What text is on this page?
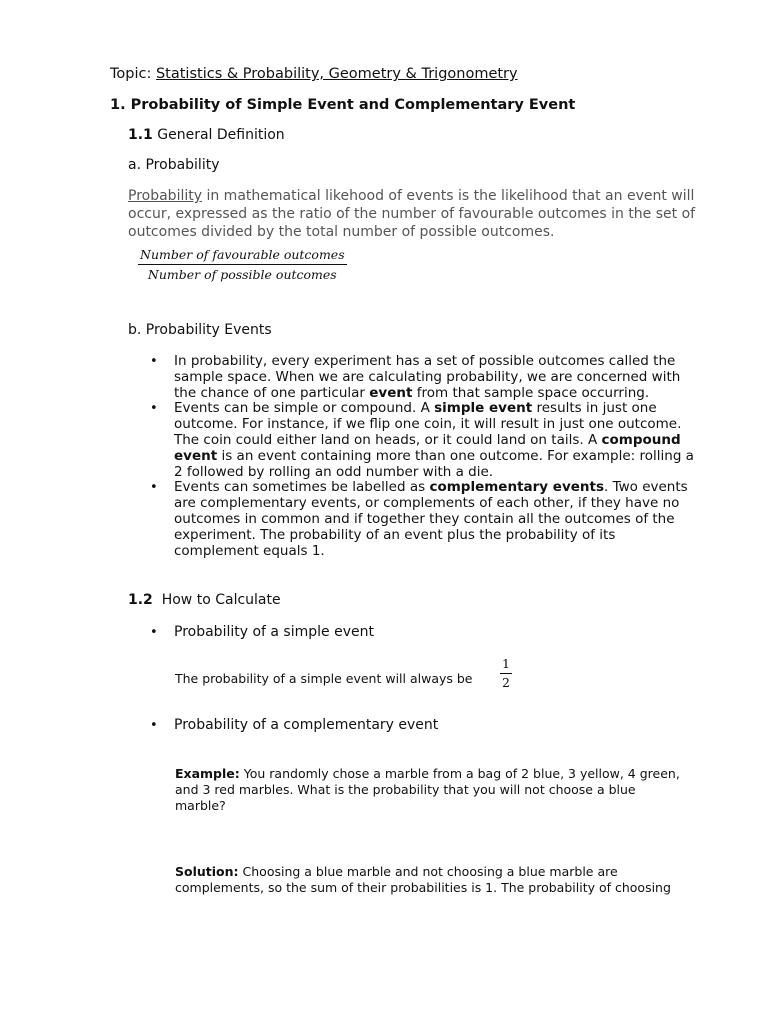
Topic: Statistics & Probability, Geometry & Trigonometry
1. Probability of Simple Event and Complementary Event
1.1 General Definition
a. Probability
Probability in mathematical likehood of events is the likelihood that an event will occur, expressed as the ratio of the number of favourable outcomes in the set of outcomes divided by the total number of possible outcomes.
$\frac{\text{Number of favourable outcomes}}{\text{Number of possible outcomes}}$
b. Probability Events
• In probability, every experiment has a set of possible outcomes called the sample space. When we are calculating probability, we are concerned with the chance of one particular event from that sample space occurring.
• Events can be simple or compound. A simple event results in just one outcome. For instance, if we flip one coin, it will result in just one outcome. The coin could either land on heads, or it could land on tails. A compound event is an event containing more than one outcome. For example: rolling a 2 followed by rolling an odd number with a die.
• Events can sometimes be labelled as complementary events. Two events are complementary events, or complements of each other, if they have no outcomes in common and if together they contain all the outcomes of the experiment. The probability of an event plus the probability of its complement equals 1.
1.2 How to Calculate
• Probability of a simple event
The probability of a simple event will always be $\frac{1}{2}$
• Probability of a complementary event
Example: You randomly chose a marble from a bag of 2 blue, 3 yellow, 4 green, and 3 red marbles. What is the probability that you will not choose a blue marble?
Solution: Choosing a blue marble and not choosing a blue marble are complements, so the sum of their probabilities is 1. The probability of choosing
